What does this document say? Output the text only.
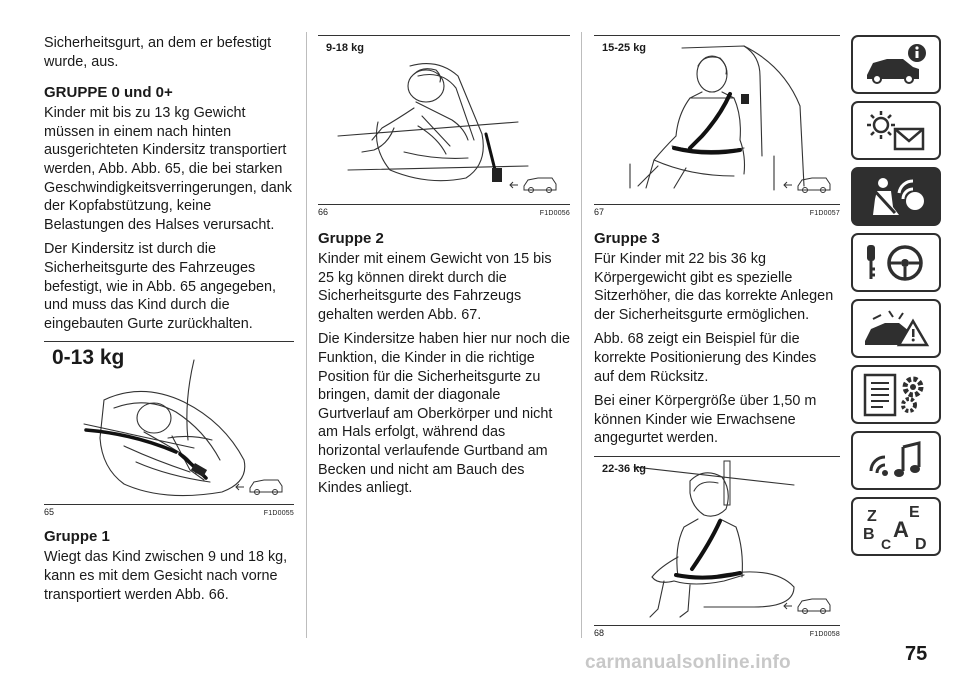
Sicherheitsgurt, an dem er befestigt wurde, aus.

GRUPPE 0 und 0+

Kinder mit bis zu 13 kg Gewicht müssen in einem nach hinten ausgerichteten Kindersitz transportiert werden, Abb. Abb. 65, die bei starken Geschwindigkeitsverringerungen, dank der Kopfabstützung, keine Belastungen des Halses verursacht.

Der Kindersitz ist durch die Sicherheitsgurte des Fahrzeuges befestigt, wie in Abb. 65 angegeben, und muss das Kind durch die eingebauten Gurte zurückhalten.

0-13 kg
65	F1D0055
Gruppe 1

Wiegt das Kind zwischen 9 und 18 kg, kann es mit dem Gesicht nach vorne transportiert werden Abb. 66.

9-18 kg
66	F1D0056
Gruppe 2

Kinder mit einem Gewicht von 15 bis 25 kg können direkt durch die Sicherheitsgurte des Fahrzeugs gehalten werden Abb. 67.

Die Kindersitze haben hier nur noch die Funktion, die Kinder in die richtige Position für die Sicherheitsgurte zu bringen, damit der diagonale Gurtverlauf am Oberkörper und nicht am Hals erfolgt, während das horizontal verlaufende Gurtband am Becken und nicht am Bauch des Kindes anliegt.

15-25 kg
67	F1D0057
Gruppe 3

Für Kinder mit 22 bis 36 kg Körpergewicht gibt es spezielle Sitzerhöher, die das korrekte Anlegen der Sicherheitsgurte ermöglichen.

Abb. 68 zeigt ein Beispiel für die korrekte Positionierung des Kindes auf dem Rücksitz.

Bei einer Körpergröße über 1,50 m können Kinder wie Erwachsene angegurtet werden.

22-36 kg
68	F1D0058
Z E
B A
C D
carmanualsonline.info	75
